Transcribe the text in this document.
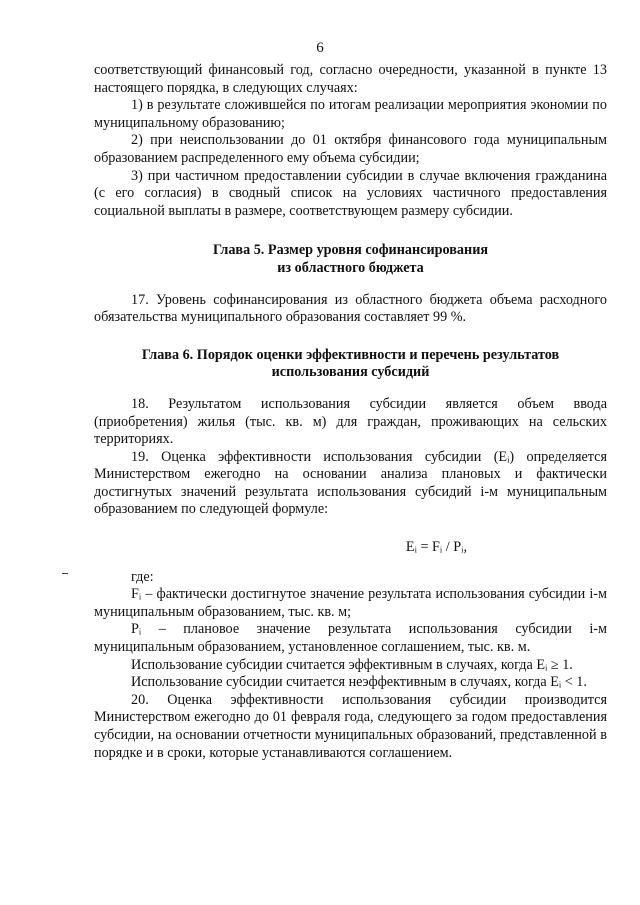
6

соответствующий финансовый год, согласно очередности, указанной в пункте 13 настоящего порядка, в следующих случаях:

1) в результате сложившейся по итогам реализации мероприятия экономии по муниципальному образованию;

2) при неиспользовании до 01 октября финансового года муниципальным образованием распределенного ему объема субсидии;

3) при частичном предоставлении субсидии в случае включения гражданина (с его согласия) в сводный список на условиях частичного предоставления социальной выплаты в размере, соответствующем размеру субсидии.

Глава 5. Размер уровня софинансирования
из областного бюджета

17. Уровень софинансирования из областного бюджета объема расходного обязательства муниципального образования составляет 99 %.

Глава 6. Порядок оценки эффективности и перечень результатов
использования субсидий

18. Результатом использования субсидии является объем ввода (приобретения) жилья (тыс. кв. м) для граждан, проживающих на сельских территориях.

19. Оценка эффективности использования субсидии (Eᵢ) определяется Министерством ежегодно на основании анализа плановых и фактически достигнутых значений результата использования субсидий i-м муниципальным образованием по следующей формуле:

Eᵢ = Fᵢ / Pᵢ,

где:

Fᵢ – фактически достигнутое значение результата использования субсидии i-м муниципальным образованием, тыс. кв. м;

Pᵢ – плановое значение результата использования субсидии i-м муниципальным образованием, установленное соглашением, тыс. кв. м.

Использование субсидии считается эффективным в случаях, когда Eᵢ ≥ 1.

Использование субсидии считается неэффективным в случаях, когда Eᵢ < 1.

20. Оценка эффективности использования субсидии производится Министерством ежегодно до 01 февраля года, следующего за годом предоставления субсидии, на основании отчетности муниципальных образований, представленной в порядке и в сроки, которые устанавливаются соглашением.
